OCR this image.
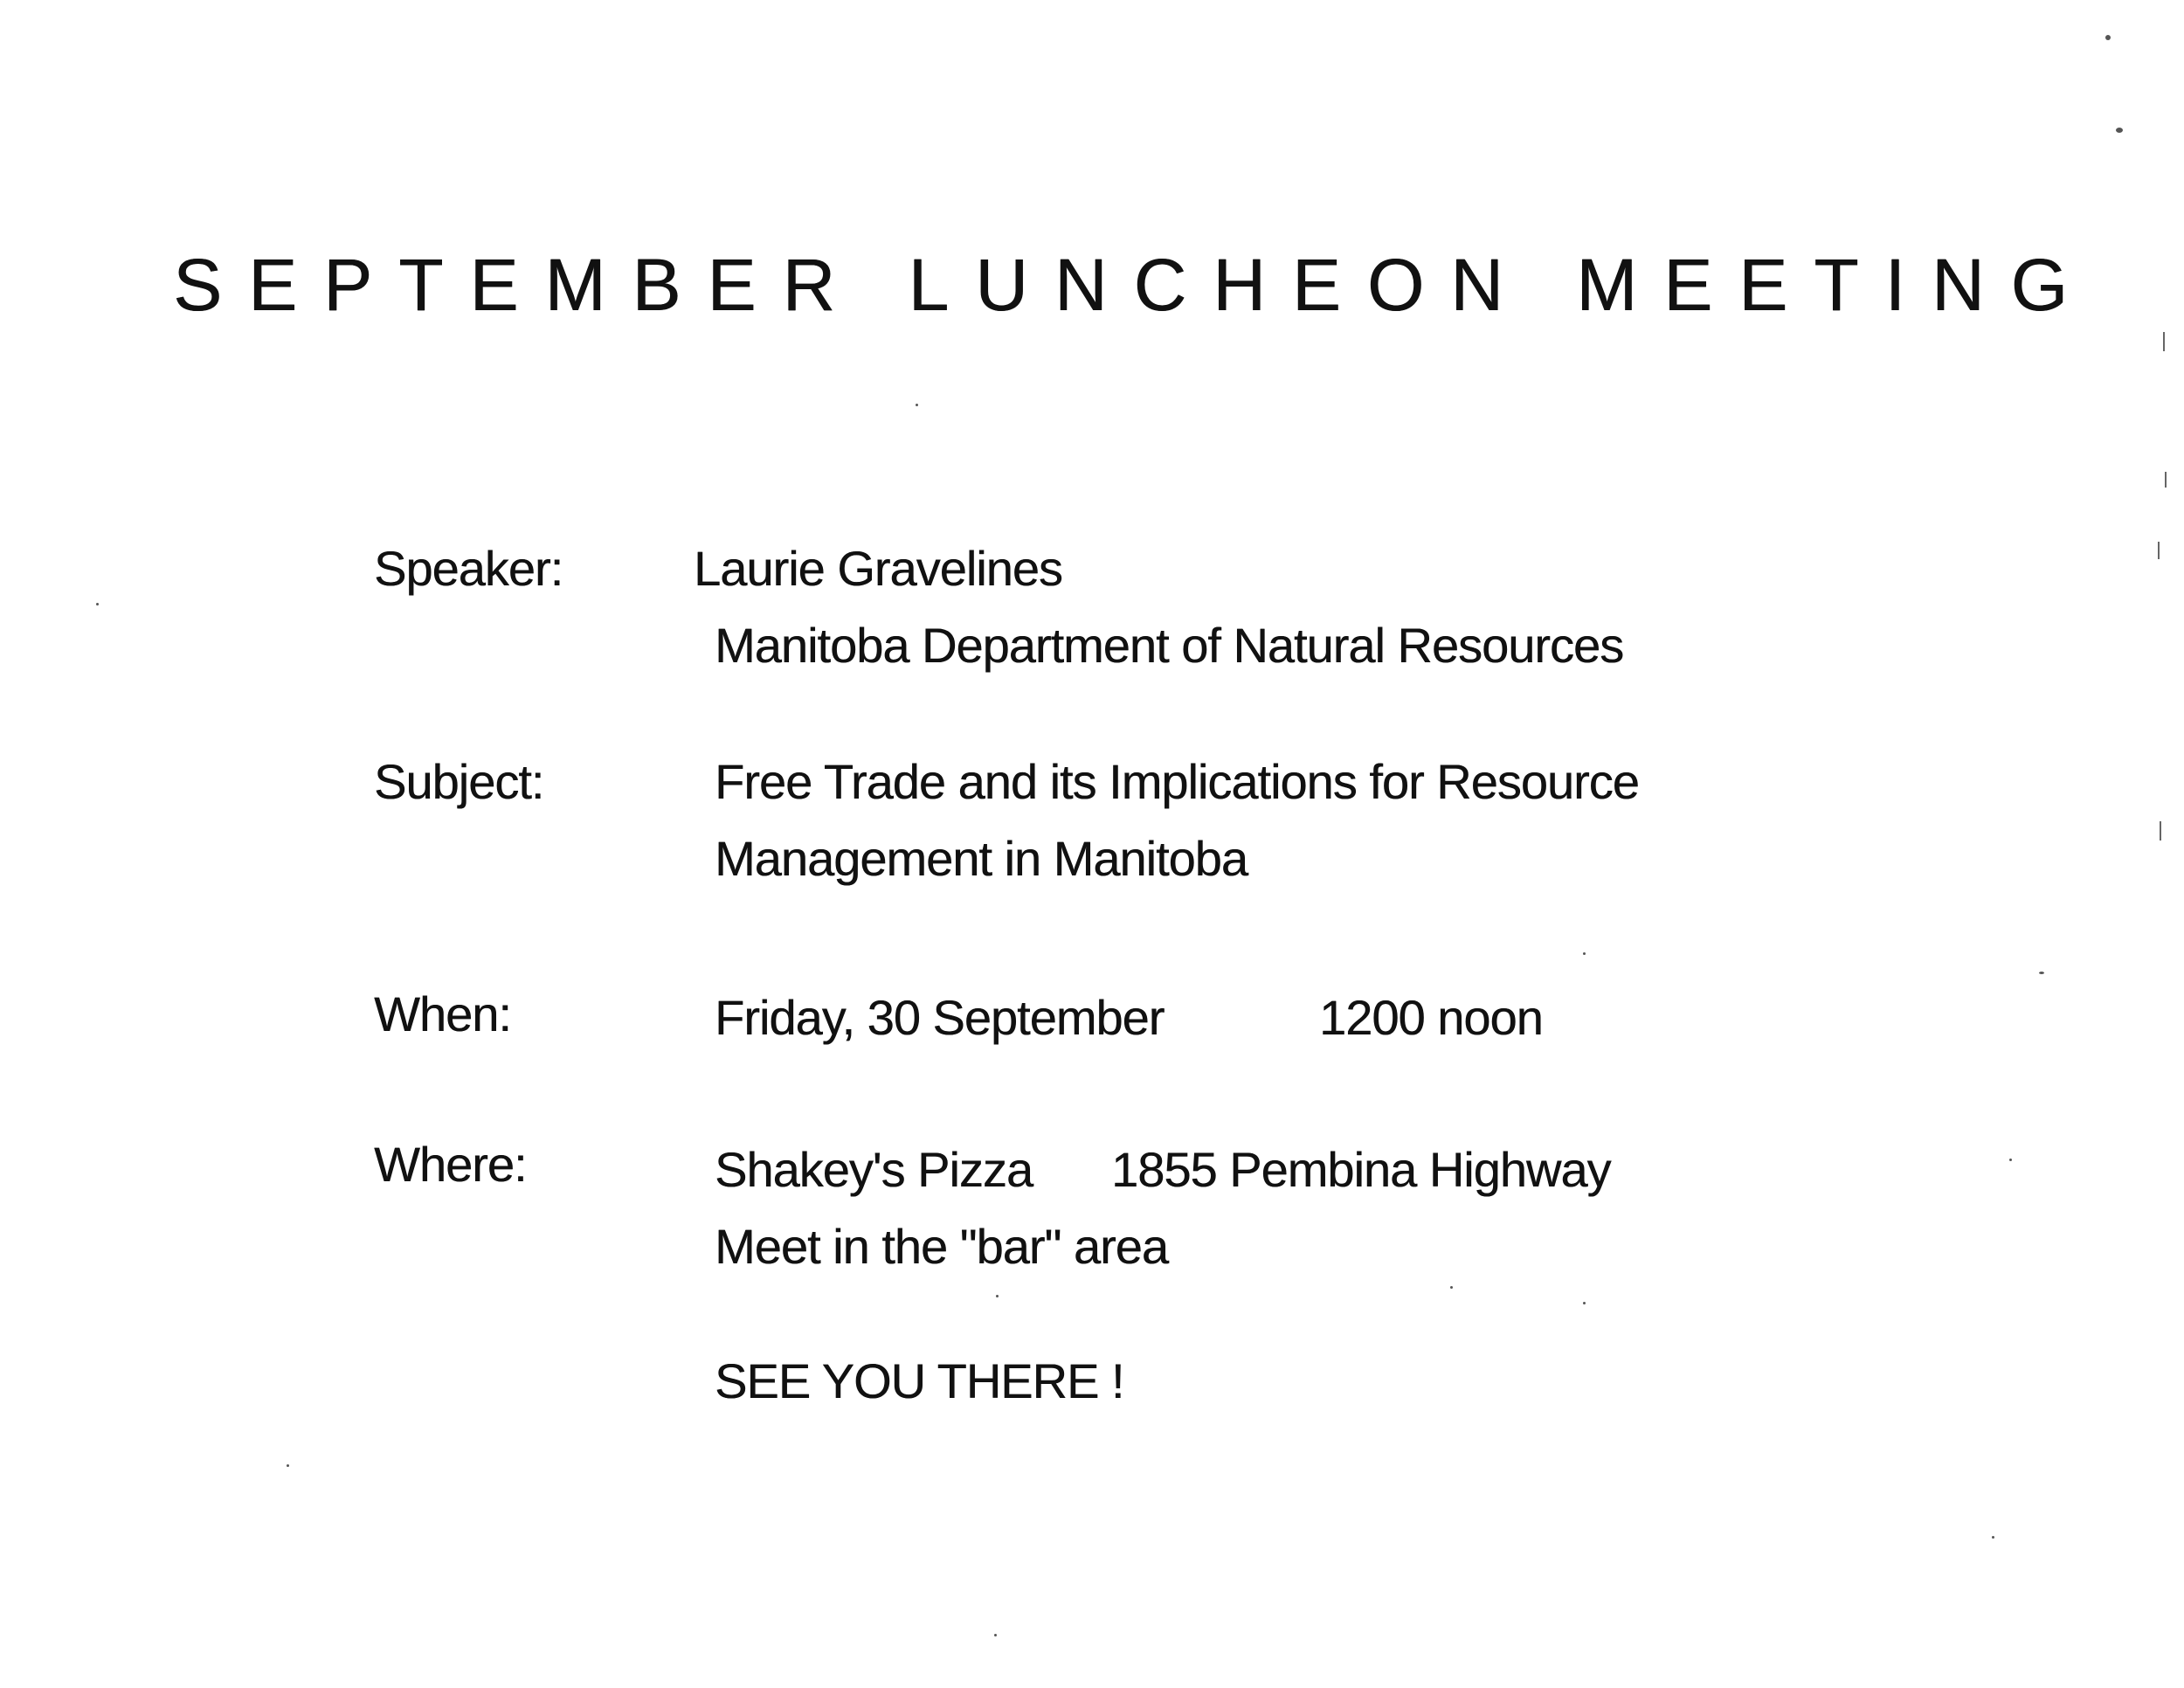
SEPTEMBER LUNCHEON MEETING
Speaker:	Laurie Gravelines
Manitoba Department of Natural Resources
Subject:	Free Trade and its Implications for Resource
Management in Manitoba
When:	Friday, 30 September	1200 noon
Where:	Shakey's Pizza 1855 Pembina Highway
Meet in the "bar" area
SEE YOU THERE !
